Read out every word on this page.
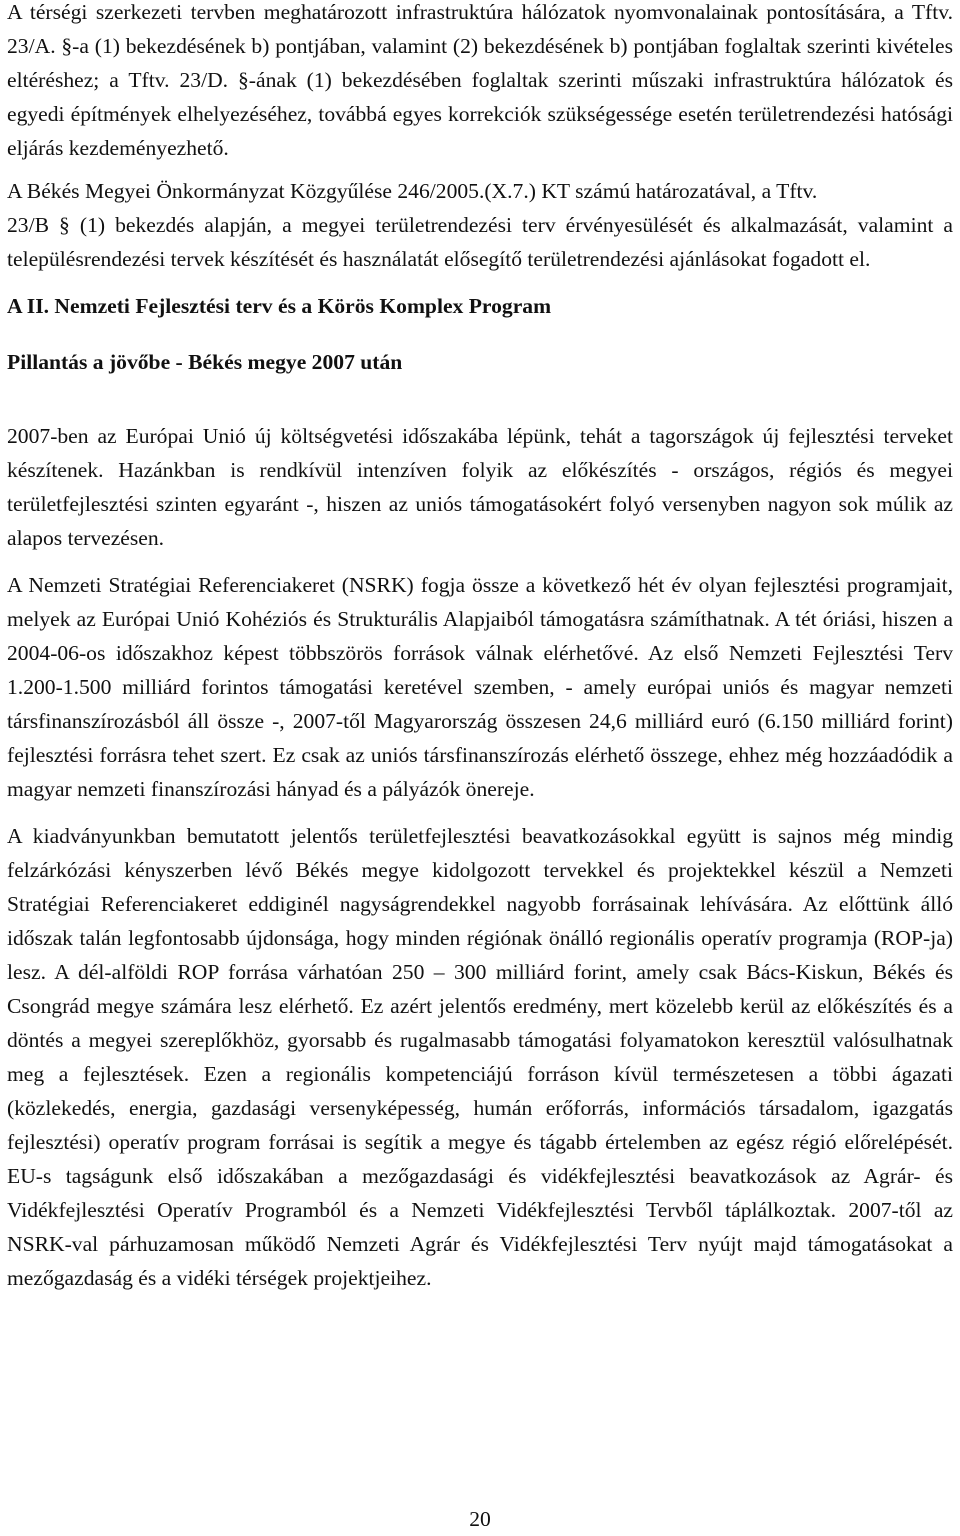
A térségi szerkezeti tervben meghatározott infrastruktúra hálózatok nyomvonalainak pontosítására, a Tftv. 23/A. §-a (1) bekezdésének b) pontjában, valamint (2) bekezdésének b) pontjában foglaltak szerinti kivételes eltéréshez; a Tftv. 23/D. §-ának (1) bekezdésében foglaltak szerinti műszaki infrastruktúra hálózatok és egyedi építmények elhelyezéséhez, továbbá egyes korrekciók szükségessége esetén területrendezési hatósági eljárás kezdeményezhető.

A Békés Megyei Önkormányzat Közgyűlése 246/2005.(X.7.) KT számú határozatával, a Tftv.

23/B § (1) bekezdés alapján, a megyei területrendezési terv érvényesülését és alkalmazását, valamint a településrendezési tervek készítését és használatát elősegítő területrendezési ajánlásokat fogadott el.

A II. Nemzeti Fejlesztési terv és a Körös Komplex Program
Pillantás a jövőbe - Békés megye 2007 után

2007-ben az Európai Unió új költségvetési időszakába lépünk, tehát a tagországok új fejlesztési terveket készítenek. Hazánkban is rendkívül intenzíven folyik az előkészítés - országos, régiós és megyei területfejlesztési szinten egyaránt -, hiszen az uniós támogatásokért folyó versenyben nagyon sok múlik az alapos tervezésen.

A Nemzeti Stratégiai Referenciakeret (NSRK) fogja össze a következő hét év olyan fejlesztési programjait, melyek az Európai Unió Kohéziós és Strukturális Alapjaiból támogatásra számíthatnak. A tét óriási, hiszen a 2004-06-os időszakhoz képest többszörös források válnak elérhetővé. Az első Nemzeti Fejlesztési Terv 1.200-1.500 milliárd forintos támogatási keretével szemben, - amely európai uniós és magyar nemzeti társfinanszírozásból áll össze -, 2007-től Magyarország összesen 24,6 milliárd euró (6.150 milliárd forint) fejlesztési forrásra tehet szert. Ez csak az uniós társfinanszírozás elérhető összege, ehhez még hozzáadódik a magyar nemzeti finanszírozási hányad és a pályázók önereje.

A kiadványunkban bemutatott jelentős területfejlesztési beavatkozásokkal együtt is sajnos még mindig felzárkózási kényszerben lévő Békés megye kidolgozott tervekkel és projektekkel készül a Nemzeti Stratégiai Referenciakeret eddiginél nagyságrendekkel nagyobb forrásainak lehívására. Az előttünk álló időszak talán legfontosabb újdonsága, hogy minden régiónak önálló regionális operatív programja (ROP-ja) lesz. A dél-alföldi ROP forrása várhatóan 250 – 300 milliárd forint, amely csak Bács-Kiskun, Békés és Csongrád megye számára lesz elérhető. Ez azért jelentős eredmény, mert közelebb kerül az előkészítés és a döntés a megyei szereplőkhöz, gyorsabb és rugalmasabb támogatási folyamatokon keresztül valósulhatnak meg a fejlesztések. Ezen a regionális kompetenciájú forráson kívül természetesen a többi ágazati (közlekedés, energia, gazdasági versenyképesség, humán erőforrás, információs társadalom, igazgatás fejlesztési) operatív program forrásai is segítik a megye és tágabb értelemben az egész régió előrelépését. EU-s tagságunk első időszakában a mezőgazdasági és vidékfejlesztési beavatkozások az Agrár- és Vidékfejlesztési Operatív Programból és a Nemzeti Vidékfejlesztési Tervből táplálkoztak. 2007-től az NSRK-val párhuzamosan működő Nemzeti Agrár és Vidékfejlesztési Terv nyújt majd támogatásokat a mezőgazdaság és a vidéki térségek projektjeihez.

20
